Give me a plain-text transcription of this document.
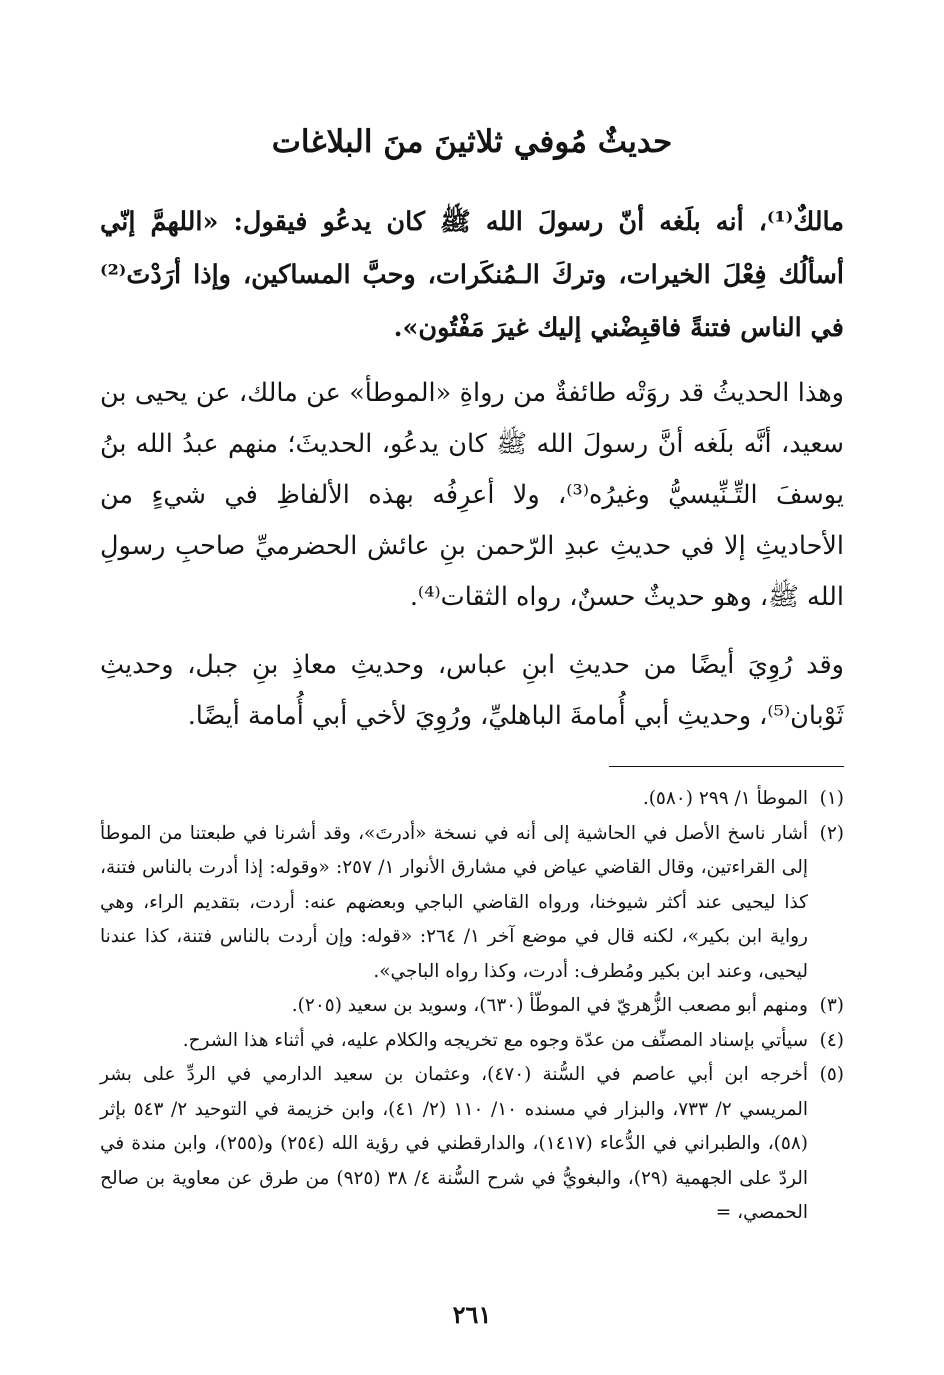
حديثٌ مُوفي ثلاثينَ منَ البلاغات

مالكٌ⁽¹⁾، أنه بلَغه أنّ رسولَ الله ﷺ كان يدعُو فيقول: «اللهمَّ إنّي أسألُك فِعْلَ الخيرات، وتركَ الـمُنكَرات، وحبَّ المساكين، وإذا أرَدْتَ⁽²⁾ في الناس فتنةً فاقبِضْني إليك غيرَ مَفْتُون».

وهذا الحديثُ قد روَتْه طائفةٌ من رواةِ «الموطأ» عن مالك، عن يحيى بن سعيد، أنَّه بلَغه أنَّ رسولَ الله ﷺ كان يدعُو، الحديثَ؛ منهم عبدُ الله بنُ يوسفَ التِّـنِّيسيُّ وغيرُه⁽³⁾، ولا أعرِفُه بهذه الألفاظِ في شيءٍ من الأحاديثِ إلا في حديثِ عبدِ الرّحمن بنِ عائش الحضرميِّ صاحبِ رسولِ الله ﷺ، وهو حديثٌ حسنٌ، رواه الثقات⁽⁴⁾.

وقد رُوِيَ أيضًا من حديثِ ابنِ عباس، وحديثِ معاذِ بنِ جبل، وحديثِ ثَوْبان⁽⁵⁾، وحديثِ أبي أُمامةَ الباهليِّ، ورُوِيَ لأخي أبي أُمامة أيضًا.

(١)
الموطأ ١/ ٢٩٩ (٥٨٠).
(٢)
أشار ناسخ الأصل في الحاشية إلى أنه في نسخة «أدرتَ»، وقد أشرنا في طبعتنا من الموطأ إلى القراءتين، وقال القاضي عياض في مشارق الأنوار ١/ ٢٥٧: «وقوله: إذا أدرت بالناس فتنة، كذا ليحيى عند أكثر شيوخنا، ورواه القاضي الباجي وبعضهم عنه: أردت، بتقديم الراء، وهي رواية ابن بكير»، لكنه قال في موضع آخر ١/ ٢٦٤: «قوله: وإن أردت بالناس فتنة، كذا عندنا ليحيى، وعند ابن بكير ومُطرف: أدرت، وكذا رواه الباجي».
(٣)
ومنهم أبو مصعب الزُّهريّ في الموطّأ (٦٣٠)، وسويد بن سعيد (٢٠٥).
(٤)
سيأتي بإسناد المصنِّف من عدّة وجوه مع تخريجه والكلام عليه، في أثناء هذا الشرح.
(٥)
أخرجه ابن أبي عاصم في السُّنة (٤٧٠)، وعثمان بن سعيد الدارمي في الردِّ على بشر المريسي ٢/ ٧٣٣، والبزار في مسنده ١٠/ ١١٠ (٢/ ٤١)، وابن خزيمة في التوحيد ٢/ ٥٤٣ بإثر (٥٨)، والطبراني في الدُّعاء (١٤١٧)، والدارقطني في رؤية الله (٢٥٤) و(٢٥٥)، وابن مندة في الردّ على الجهمية (٢٩)، والبغويُّ في شرح السُّنة ٤/ ٣٨ (٩٢٥) من طرق عن معاوية بن صالح الحمصي، =
٢٦١
